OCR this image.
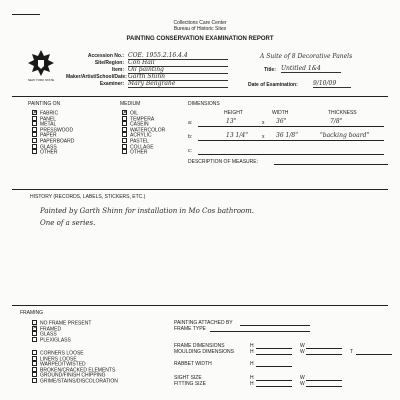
Collections Care Center
Bureau of Historic Sites
PAINTING CONSERVATION EXAMINATION REPORT
NEW YORK STATE
Accession No.: COE. 1955.2.16.4.4
Site/Region: Con Hall
Item: Oil painting
Maker/Artist/School/Date: Garth Shinn
Examiner: Mary Bellgrahe
A Suite of 8 Decorative Panels
Title: Untitled 1&4
Date of Examination:	9/10/09
PAINTING ON
✕FABRIC
PANEL
METAL
PRESSWOOD
PAPER
PAPERBOARD
GLASS
OTHER
MEDIUM
✕OIL
TEMPERA
CASEIN
WATERCOLOR
ACRYLIC
PASTEL
COLLAGE
OTHER
DIMENSIONS
HEIGHT	WIDTH	THICKNESS
a:	13"	x 36"	7/8"
b:	13 1/4"	x 36 1/8"	"backing board"
c:
DESCRIPTION OF MEASURE:
HISTORY (RECORDS, LABELS, STICKERS, ETC.)
Painted by Garth Shinn for installation in Mo Cos bathroom.
One of a series.
FRAMING
NO FRAME PRESENT
✕FRAMED
GLASS
PLEXIGLASS
CORNERS LOOSE
LINERS LOOSE
WARPED/TWISTED
BROKEN/CRACKED ELEMENTS
GROUND/FINISH CHIPPING
GRIME/STAINS/DISCOLORATION
PAINTING ATTACHED BY
FRAME TYPE
FRAME DIMENSIONS	H	W
MOULDING DIMENSIONS	H	W	T
RABBET WIDTH	H
SIGHT SIZE	H	W
FITTING SIZE	H	W
